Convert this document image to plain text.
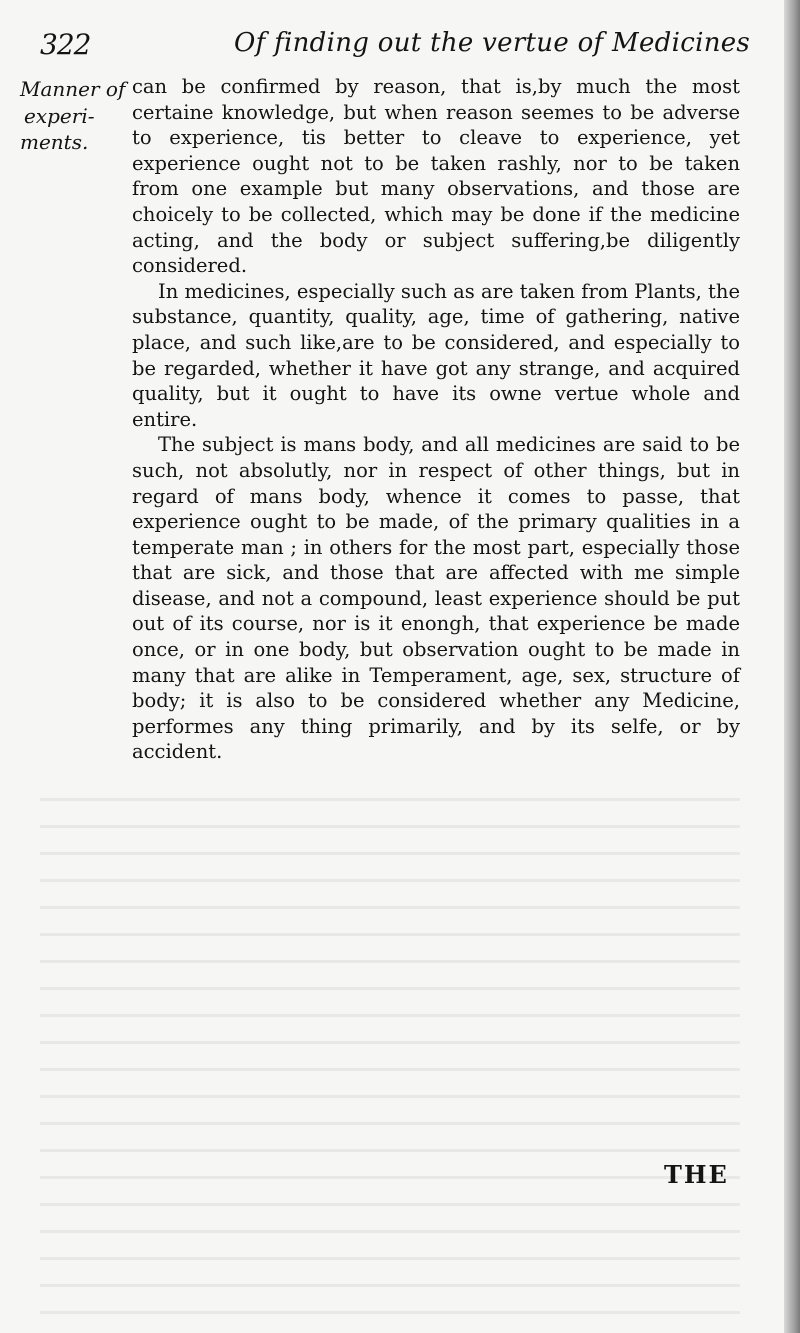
322	Of finding out the vertue of Medicines
Manner of
experi-
ments.

can be confirmed by reason, that is,by much the most certaine knowledge, but when reason seemes to be adverse to experience, tis better to cleave to experience, yet experience ought not to be taken rashly, nor to be taken from one example but many observations, and those are choicely to be collected, which may be done if the medicine acting, and the body or subject suffering,be diligently considered.

In medicines, especially such as are taken from Plants, the substance, quantity, quality, age, time of gathering, native place, and such like,are to be considered, and especially to be regarded, whether it have got any strange, and acquired quality, but it ought to have its owne vertue whole and entire.

The subject is mans body, and all medicines are said to be such, not absolutly, nor in respect of other things, but in regard of mans body, whence it comes to passe, that experience ought to be made, of the primary qualities in a temperate man ; in others for the most part, especially those that are sick, and those that are affected with me simple disease, and not a compound, least experience should be put out of its course, nor is it enongh, that experience be made once, or in one body, but observation ought to be made in many that are alike in Temperament, age, sex, structure of body; it is also to be considered whether any Medicine, performes any thing primarily, and by its selfe, or by accident.

THE
